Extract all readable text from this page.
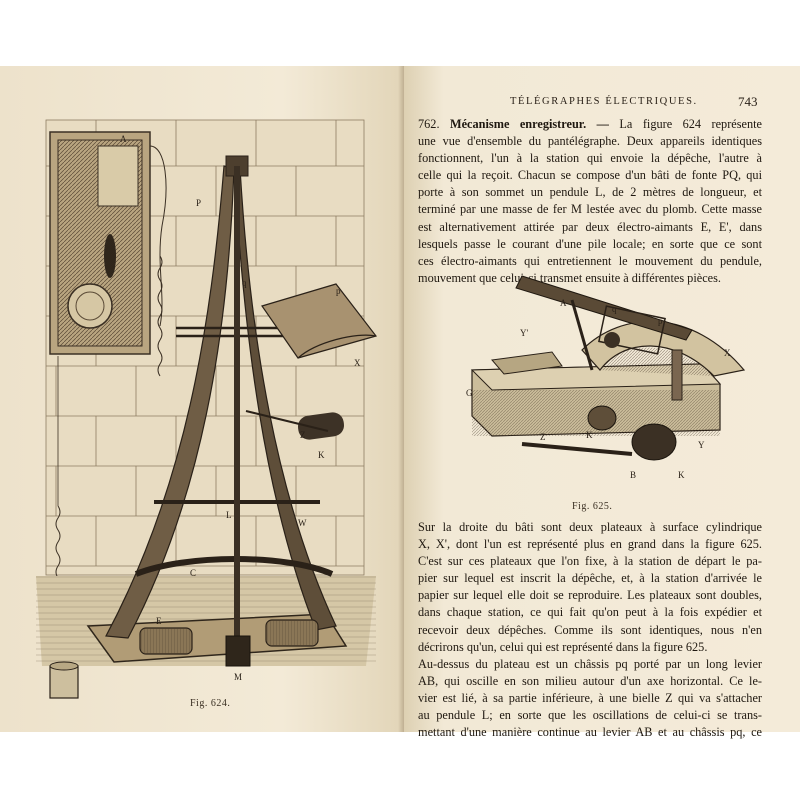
P
A
q
p
X
Z
K
L
W
C
E
M
Fig. 624.
TÉLÉGRAPHES ÉLECTRIQUES.	743
762. Mécanisme enregistreur. — La figure 624 représente
une vue d'ensemble du pantélégraphe. Deux appareils identiques
fonctionnent, l'un à la station qui envoie la dépêche, l'autre à
celle qui la reçoit. Chacun se compose d'un bâti de fonte PQ, qui
porte à son sommet un pendule L, de 2 mètres de longueur, et
terminé par une masse de fer M lestée avec du plomb. Cette masse
est alternativement attirée par deux électro-aimants E, E', dans
lesquels passe le courant d'une pile locale; en sorte que ce sont
ces électro-aimants qui entretiennent le mouvement du pendule,
mouvement que celui-ci transmet ensuite à différentes pièces.
A
p
q
Y'
X
Y
G
K
Z
B	K
Fig. 625.
Sur la droite du bâti sont deux plateaux à surface cylindrique
X, X', dont l'un est représenté plus en grand dans la figure 625.
C'est sur ces plateaux que l'on fixe, à la station de départ le pa-
pier sur lequel est inscrit la dépêche, et, à la station d'arrivée le
papier sur lequel elle doit se reproduire. Les plateaux sont doubles,
dans chaque station, ce qui fait qu'on peut à la fois expédier et
recevoir deux dépêches. Comme ils sont identiques, nous n'en
décrirons qu'un, celui qui est représenté dans la figure 625.
Au-dessus du plateau est un châssis pq porté par un long levier
AB, qui oscille en son milieu autour d'un axe horizontal. Ce le-
vier est lié, à sa partie inférieure, à une bielle Z qui va s'attacher
au pendule L; en sorte que les oscillations de celui-ci se trans-
mettant d'une manière continue au levier AB et au châssis pq, ce
